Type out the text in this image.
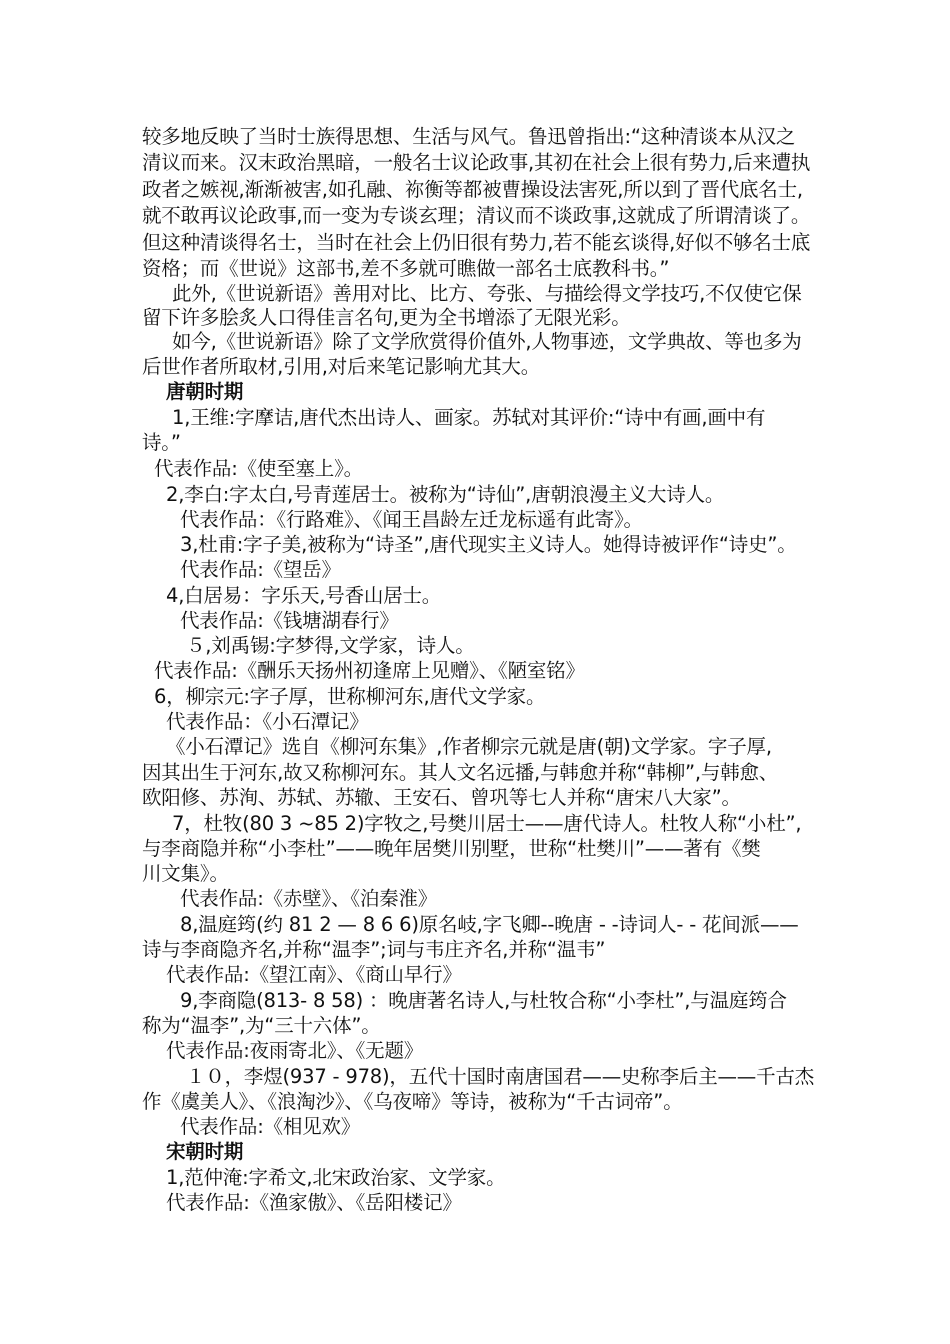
较多地反映了当时士族得思想、生活与风气。鲁迅曾指出:“这种清谈本从汉之

清议而来。汉末政治黑暗，一般名士议论政事,其初在社会上很有势力,后来遭执

政者之嫉视,渐渐被害,如孔融、祢衡等都被曹操设法害死,所以到了晋代底名士,

就不敢再议论政事,而一变为专谈玄理；清议而不谈政事,这就成了所谓清谈了。

但这种清谈得名士，当时在社会上仍旧很有势力,若不能玄谈得,好似不够名士底

资格；而《世说》这部书,差不多就可瞧做一部名士底教科书。”

此外,《世说新语》善用对比、比方、夸张、与描绘得文学技巧,不仅使它保

留下许多脍炙人口得佳言名句,更为全书增添了无限光彩。

如今,《世说新语》除了文学欣赏得价值外,人物事迹，文学典故、等也多为

后世作者所取材,引用,对后来笔记影响尤其大。

唐朝时期

1,王维:字摩诘,唐代杰出诗人、画家。苏轼对其评价:“诗中有画,画中有

诗。”

代表作品:《使至塞上》。

2,李白:字太白,号青莲居士。被称为“诗仙”,唐朝浪漫主义大诗人。

代表作品：《行路难》、《闻王昌龄左迁龙标遥有此寄》。

3,杜甫:字子美,被称为“诗圣”,唐代现实主义诗人。她得诗被评作“诗史”。

代表作品:《望岳》

4,白居易：字乐天,号香山居士。

代表作品:《钱塘湖春行》

５,刘禹锡:字梦得,文学家，诗人。

代表作品:《酬乐天扬州初逢席上见赠》、《陋室铭》

6，柳宗元:字子厚，世称柳河东,唐代文学家。

代表作品：《小石潭记》

《小石潭记》选自《柳河东集》,作者柳宗元就是唐(朝)文学家。字子厚,

因其出生于河东,故又称柳河东。其人文名远播,与韩愈并称“韩柳”,与韩愈、

欧阳修、苏洵、苏轼、苏辙、王安石、曾巩等七人并称“唐宋八大家”。

7，杜牧(80 3 ~85 2)字牧之,号樊川居士——唐代诗人。杜牧人称“小杜”,

与李商隐并称“小李杜”——晚年居樊川别墅，世称“杜樊川”——著有《樊

川文集》。

代表作品:《赤壁》、《泊秦淮》

8,温庭筠(约 81 2 — 8 6 6)原名岐,字飞卿--晚唐 - -诗词人- - 花间派——

诗与李商隐齐名,并称“温李”;词与韦庄齐名,并称“温韦”

代表作品:《望江南》、《商山早行》

9,李商隐(813- 8 58) ：晚唐著名诗人,与杜牧合称“小李杜”,与温庭筠合

称为“温李”,为“三十六体”。

代表作品:夜雨寄北》、《无题》

１０，李煜(937 - 978)，五代十国时南唐国君——史称李后主——千古杰

作《虞美人》、《浪淘沙》、《乌夜啼》等诗，被称为“千古词帝”。

代表作品:《相见欢》

宋朝时期

1,范仲淹:字希文,北宋政治家、文学家。

代表作品:《渔家傲》、《岳阳楼记》
